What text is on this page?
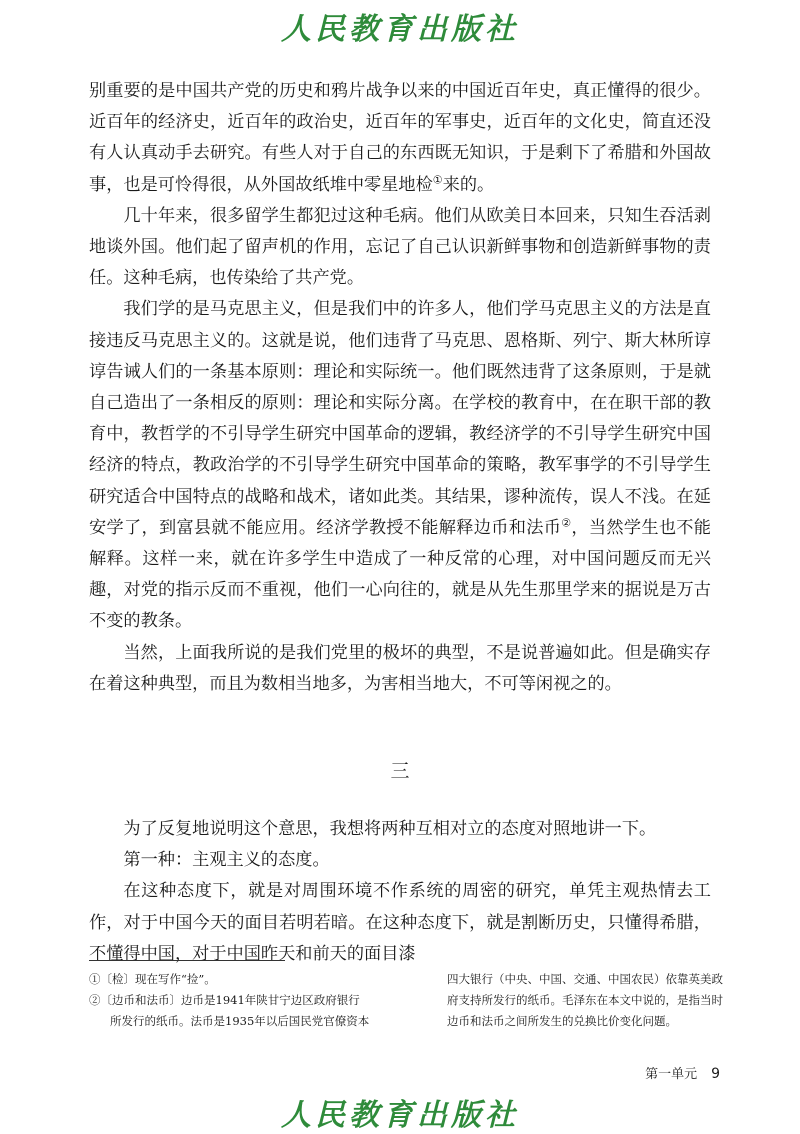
人民教育出版社

别重要的是中国共产党的历史和鸦片战争以来的中国近百年史，真正懂得的很少。近百年的经济史，近百年的政治史，近百年的军事史，近百年的文化史，简直还没有人认真动手去研究。有些人对于自己的东西既无知识，于是剩下了希腊和外国故事，也是可怜得很，从外国故纸堆中零星地检①来的。

几十年来，很多留学生都犯过这种毛病。他们从欧美日本回来，只知生吞活剥地谈外国。他们起了留声机的作用，忘记了自己认识新鲜事物和创造新鲜事物的责任。这种毛病，也传染给了共产党。

我们学的是马克思主义，但是我们中的许多人，他们学马克思主义的方法是直接违反马克思主义的。这就是说，他们违背了马克思、恩格斯、列宁、斯大林所谆谆告诫人们的一条基本原则：理论和实际统一。他们既然违背了这条原则，于是就自己造出了一条相反的原则：理论和实际分离。在学校的教育中，在在职干部的教育中，教哲学的不引导学生研究中国革命的逻辑，教经济学的不引导学生研究中国经济的特点，教政治学的不引导学生研究中国革命的策略，教军事学的不引导学生研究适合中国特点的战略和战术，诸如此类。其结果，谬种流传，误人不浅。在延安学了，到富县就不能应用。经济学教授不能解释边币和法币②，当然学生也不能解释。这样一来，就在许多学生中造成了一种反常的心理，对中国问题反而无兴趣，对党的指示反而不重视，他们一心向往的，就是从先生那里学来的据说是万古不变的教条。

当然，上面我所说的是我们党里的极坏的典型，不是说普遍如此。但是确实存在着这种典型，而且为数相当地多，为害相当地大，不可等闲视之的。

三

为了反复地说明这个意思，我想将两种互相对立的态度对照地讲一下。

第一种：主观主义的态度。

在这种态度下，就是对周围环境不作系统的周密的研究，单凭主观热情去工作，对于中国今天的面目若明若暗。在这种态度下，就是割断历史，只懂得希腊，不懂得中国，对于中国昨天和前天的面目漆

①〔检〕现在写作“捡”。

②〔边币和法币〕边币是1941年陕甘宁边区政府银行
所发行的纸币。法币是1935年以后国民党官僚资本

四大银行（中央、中国、交通、中国农民）依靠英美政府支持所发行的纸币。毛泽东在本文中说的，是指当时边币和法币之间所发生的兑换比价变化问题。

第一单元 9
人民教育出版社
